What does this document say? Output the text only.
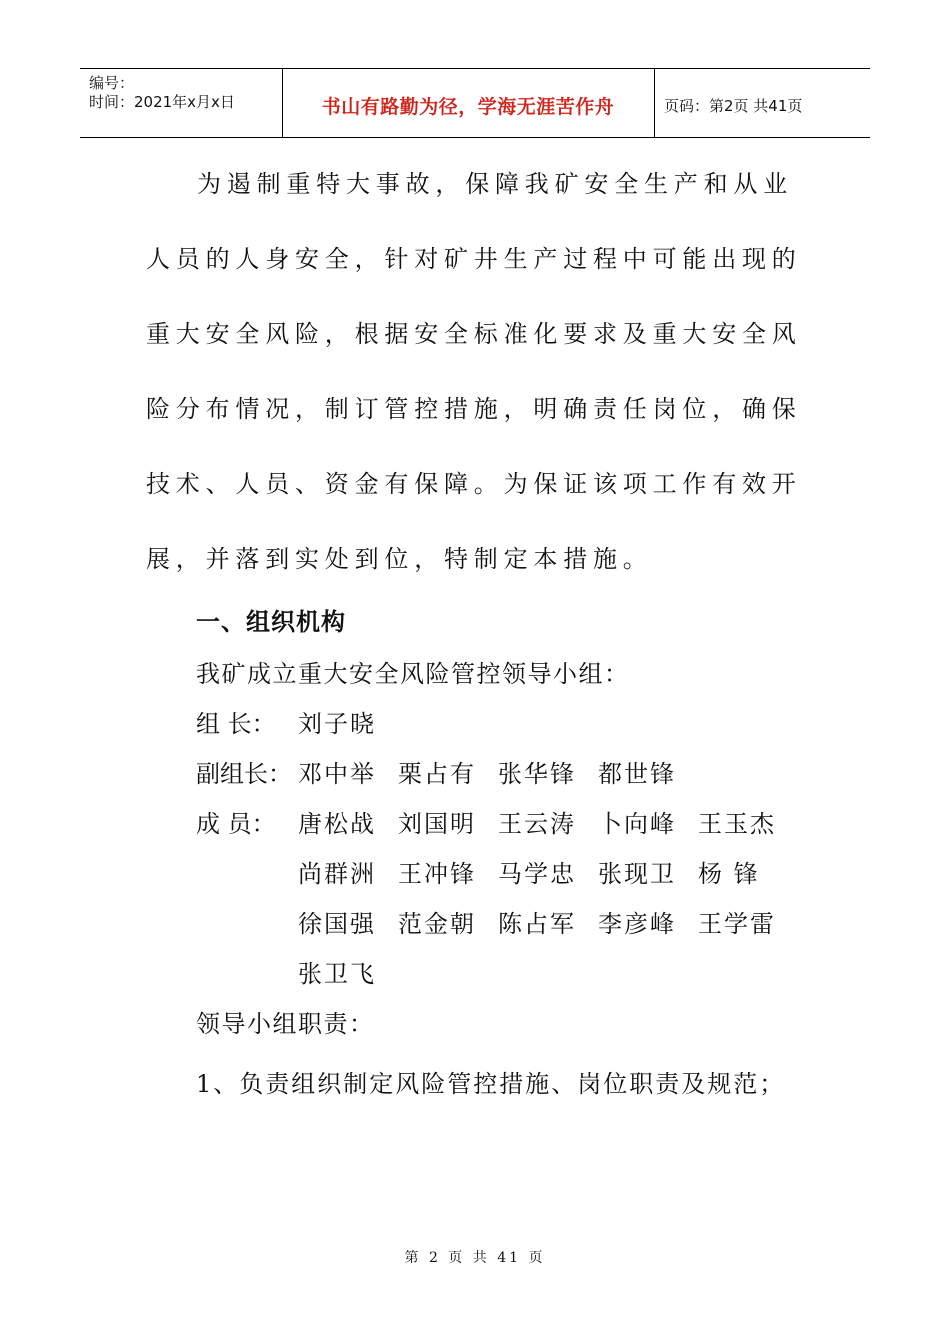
编号：
时间：2021年x月x日	书山有路勤为径，学海无涯苦作舟	页码：第2页 共41页

为遏制重特大事故，保障我矿安全生产和从业人员的人身安全，针对矿井生产过程中可能出现的重大安全风险，根据安全标准化要求及重大安全风险分布情况，制订管控措施，明确责任岗位，确保技术、人员、资金有保障。为保证该项工作有效开展，并落到实处到位，特制定本措施。

一、组织机构
我矿成立重大安全风险管控领导小组：
组 长： 刘子晓
副组长： 邓中举 栗占有 张华锋 都世锋
成 员： 唐松战 刘国明 王云涛 卜向峰 王玉杰
尚群洲 王冲锋 马学忠 张现卫 杨 锋
徐国强 范金朝 陈占军 李彦峰 王学雷
张卫飞
领导小组职责：
1、负责组织制定风险管控措施、岗位职责及规范；
第 2 页 共 41 页
